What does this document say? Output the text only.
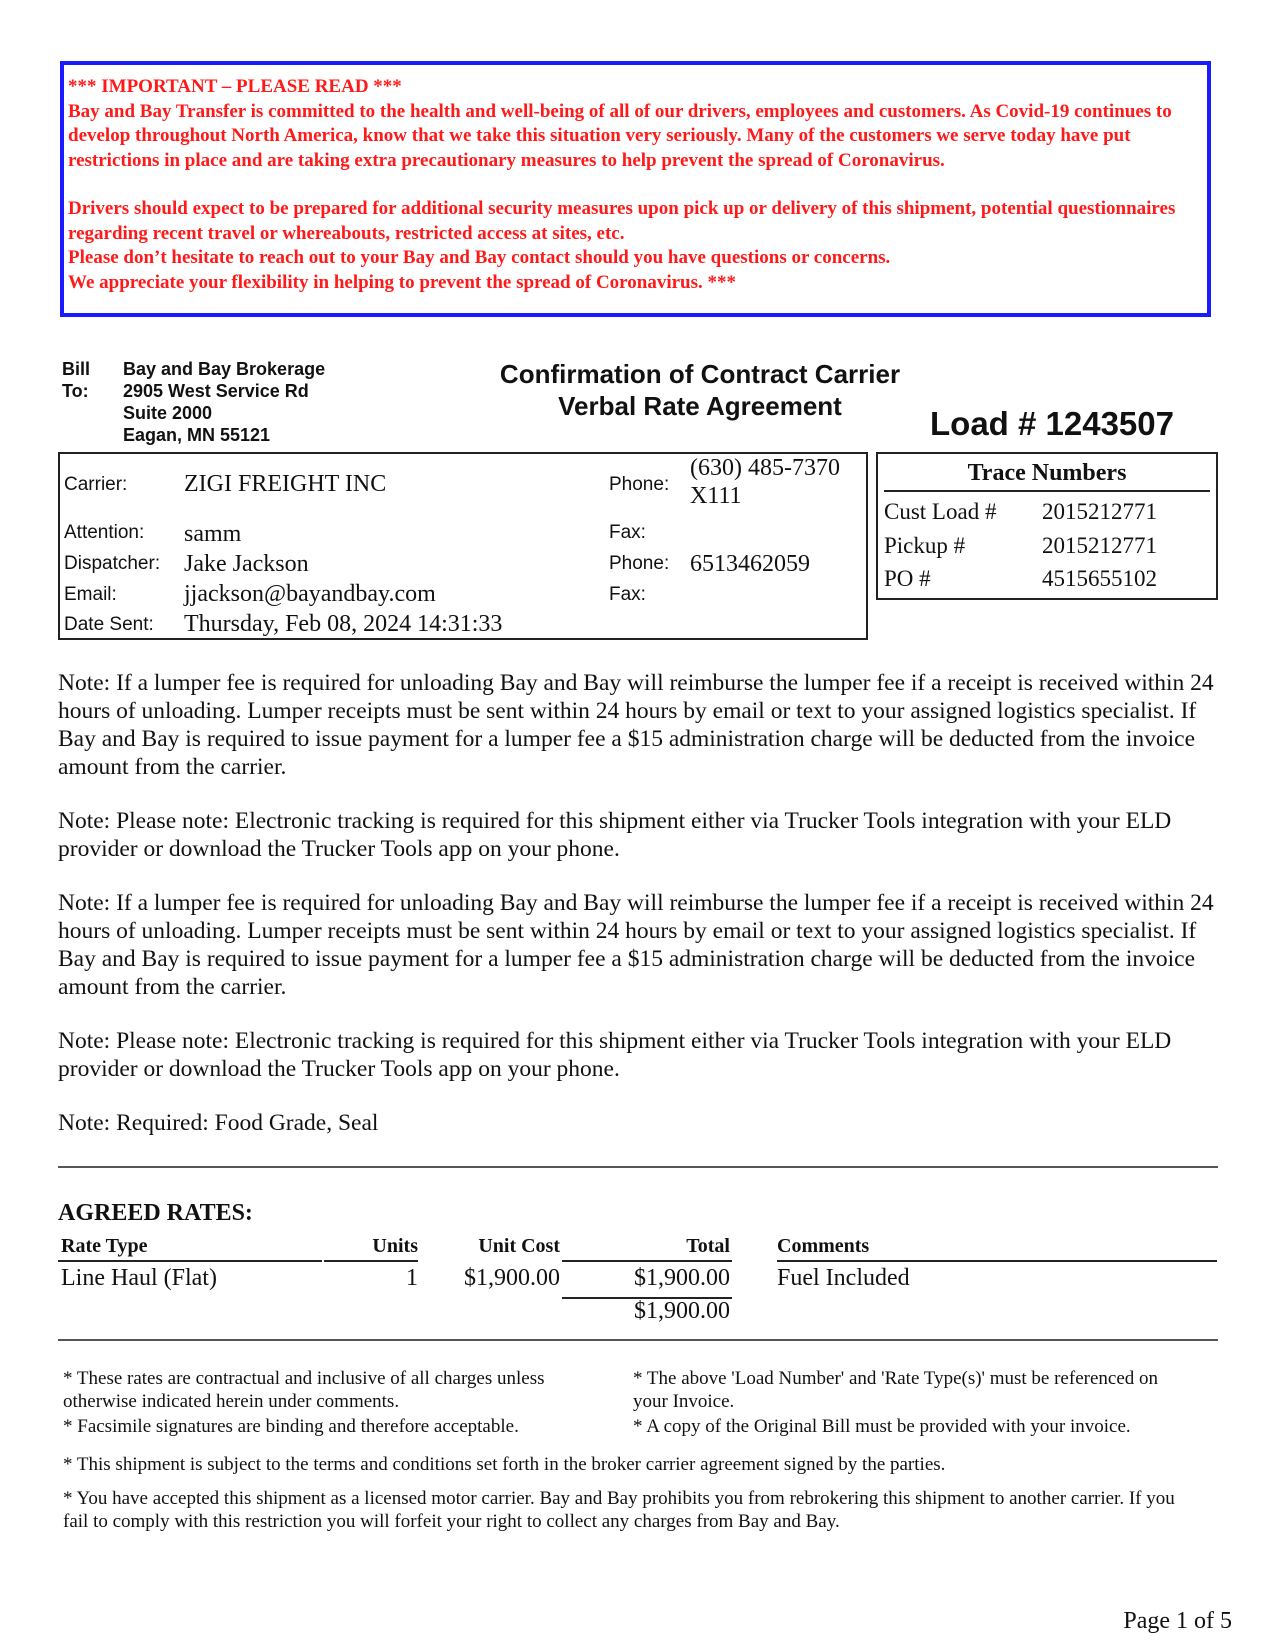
*** IMPORTANT – PLEASE READ ***

Bay and Bay Transfer is committed to the health and well-being of all of our drivers, employees and customers. As Covid-19 continues to develop throughout North America, know that we take this situation very seriously. Many of the customers we serve today have put restrictions in place and are taking extra precautionary measures to help prevent the spread of Coronavirus.

Drivers should expect to be prepared for additional security measures upon pick up or delivery of this shipment, potential questionnaires regarding recent travel or whereabouts, restricted access at sites, etc.

Please don’t hesitate to reach out to your Bay and Bay contact should you have questions or concerns.

We appreciate your flexibility in helping to prevent the spread of Coronavirus. ***

Bill
To:
Bay and Bay Brokerage
2905 West Service Rd
Suite 2000
Eagan, MN 55121
Confirmation of Contract Carrier
Verbal Rate Agreement	Load # 1243507
Carrier: ZIGI FREIGHT INC
Attention: samm
Dispatcher: Jake Jackson
Email:	jjackson@bayandbay.com
Date Sent: Thursday, Feb 08, 2024 14:31:33
Phone:
(630) 485-7370
X111
Fax:
Phone: 6513462059
Fax:
Trace Numbers
Cust Load # 2015212771
Pickup #	2015212771
PO #	4515655102

Note: If a lumper fee is required for unloading Bay and Bay will reimburse the lumper fee if a receipt is received within 24 hours of unloading. Lumper receipts must be sent within 24 hours by email or text to your assigned logistics specialist. If Bay and Bay is required to issue payment for a lumper fee a $15 administration charge will be deducted from the invoice amount from the carrier.

Note: Please note: Electronic tracking is required for this shipment either via Trucker Tools integration with your ELD provider or download the Trucker Tools app on your phone.

Note: If a lumper fee is required for unloading Bay and Bay will reimburse the lumper fee if a receipt is received within 24 hours of unloading. Lumper receipts must be sent within 24 hours by email or text to your assigned logistics specialist. If Bay and Bay is required to issue payment for a lumper fee a $15 administration charge will be deducted from the invoice amount from the carrier.

Note: Please note: Electronic tracking is required for this shipment either via Trucker Tools integration with your ELD provider or download the Trucker Tools app on your phone.

Note: Required: Food Grade, Seal

AGREED RATES:
Rate Type	Units	Unit Cost	Total Comments
Line Haul (Flat)	1	$1,900.00	$1,900.00 Fuel Included
$1,900.00

* These rates are contractual and inclusive of all charges unless otherwise indicated herein under comments.

* Facsimile signatures are binding and therefore acceptable.

* The above 'Load Number' and 'Rate Type(s)' must be referenced on your Invoice.

* A copy of the Original Bill must be provided with your invoice.

* This shipment is subject to the terms and conditions set forth in the broker carrier agreement signed by the parties.

* You have accepted this shipment as a licensed motor carrier. Bay and Bay prohibits you from rebrokering this shipment to another carrier. If you fail to comply with this restriction you will forfeit your right to collect any charges from Bay and Bay.

Page 1 of 5
